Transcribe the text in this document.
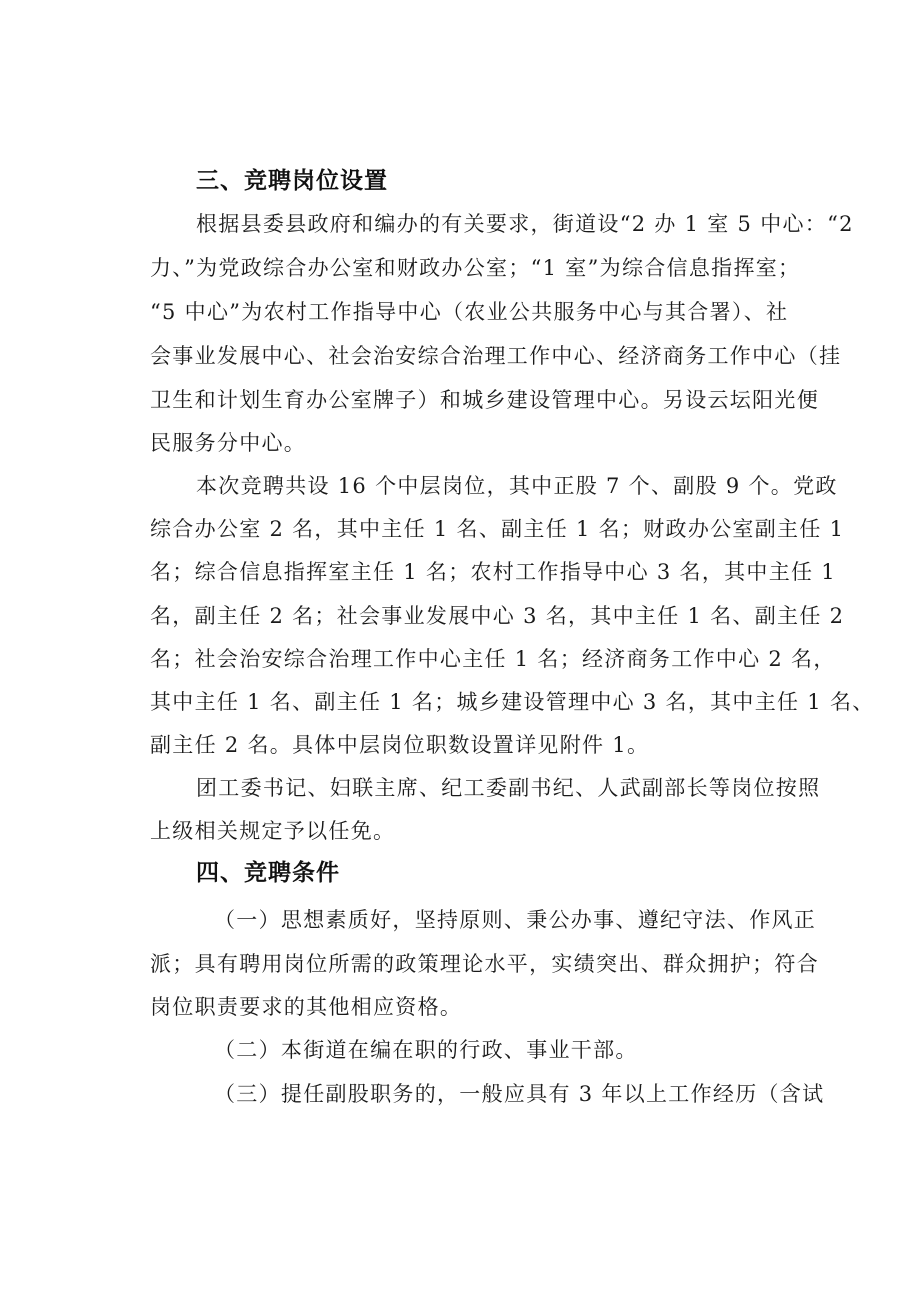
三、竞聘岗位设置

根据县委县政府和编办的有关要求，街道设“2 办 1 室 5 中心：“2

力、”为党政综合办公室和财政办公室；“1 室”为综合信息指挥室；

“5 中心”为农村工作指导中心（农业公共服务中心与其合署）、社

会事业发展中心、社会治安综合治理工作中心、经济商务工作中心（挂

卫生和计划生育办公室牌子）和城乡建设管理中心。另设云坛阳光便

民服务分中心。

本次竞聘共设 16 个中层岗位，其中正股 7 个、副股 9 个。党政

综合办公室 2 名，其中主任 1 名、副主任 1 名；财政办公室副主任 1

名；综合信息指挥室主任 1 名；农村工作指导中心 3 名，其中主任 1

名，副主任 2 名；社会事业发展中心 3 名，其中主任 1 名、副主任 2

名；社会治安综合治理工作中心主任 1 名；经济商务工作中心 2 名，

其中主任 1 名、副主任 1 名；城乡建设管理中心 3 名，其中主任 1 名、

副主任 2 名。具体中层岗位职数设置详见附件 1。

团工委书记、妇联主席、纪工委副书纪、人武副部长等岗位按照

上级相关规定予以任免。

四、竞聘条件

（一）思想素质好，坚持原则、秉公办事、遵纪守法、作风正

派；具有聘用岗位所需的政策理论水平，实绩突出、群众拥护；符合

岗位职责要求的其他相应资格。

（二）本街道在编在职的行政、事业干部。

（三）提任副股职务的，一般应具有 3 年以上工作经历（含试
